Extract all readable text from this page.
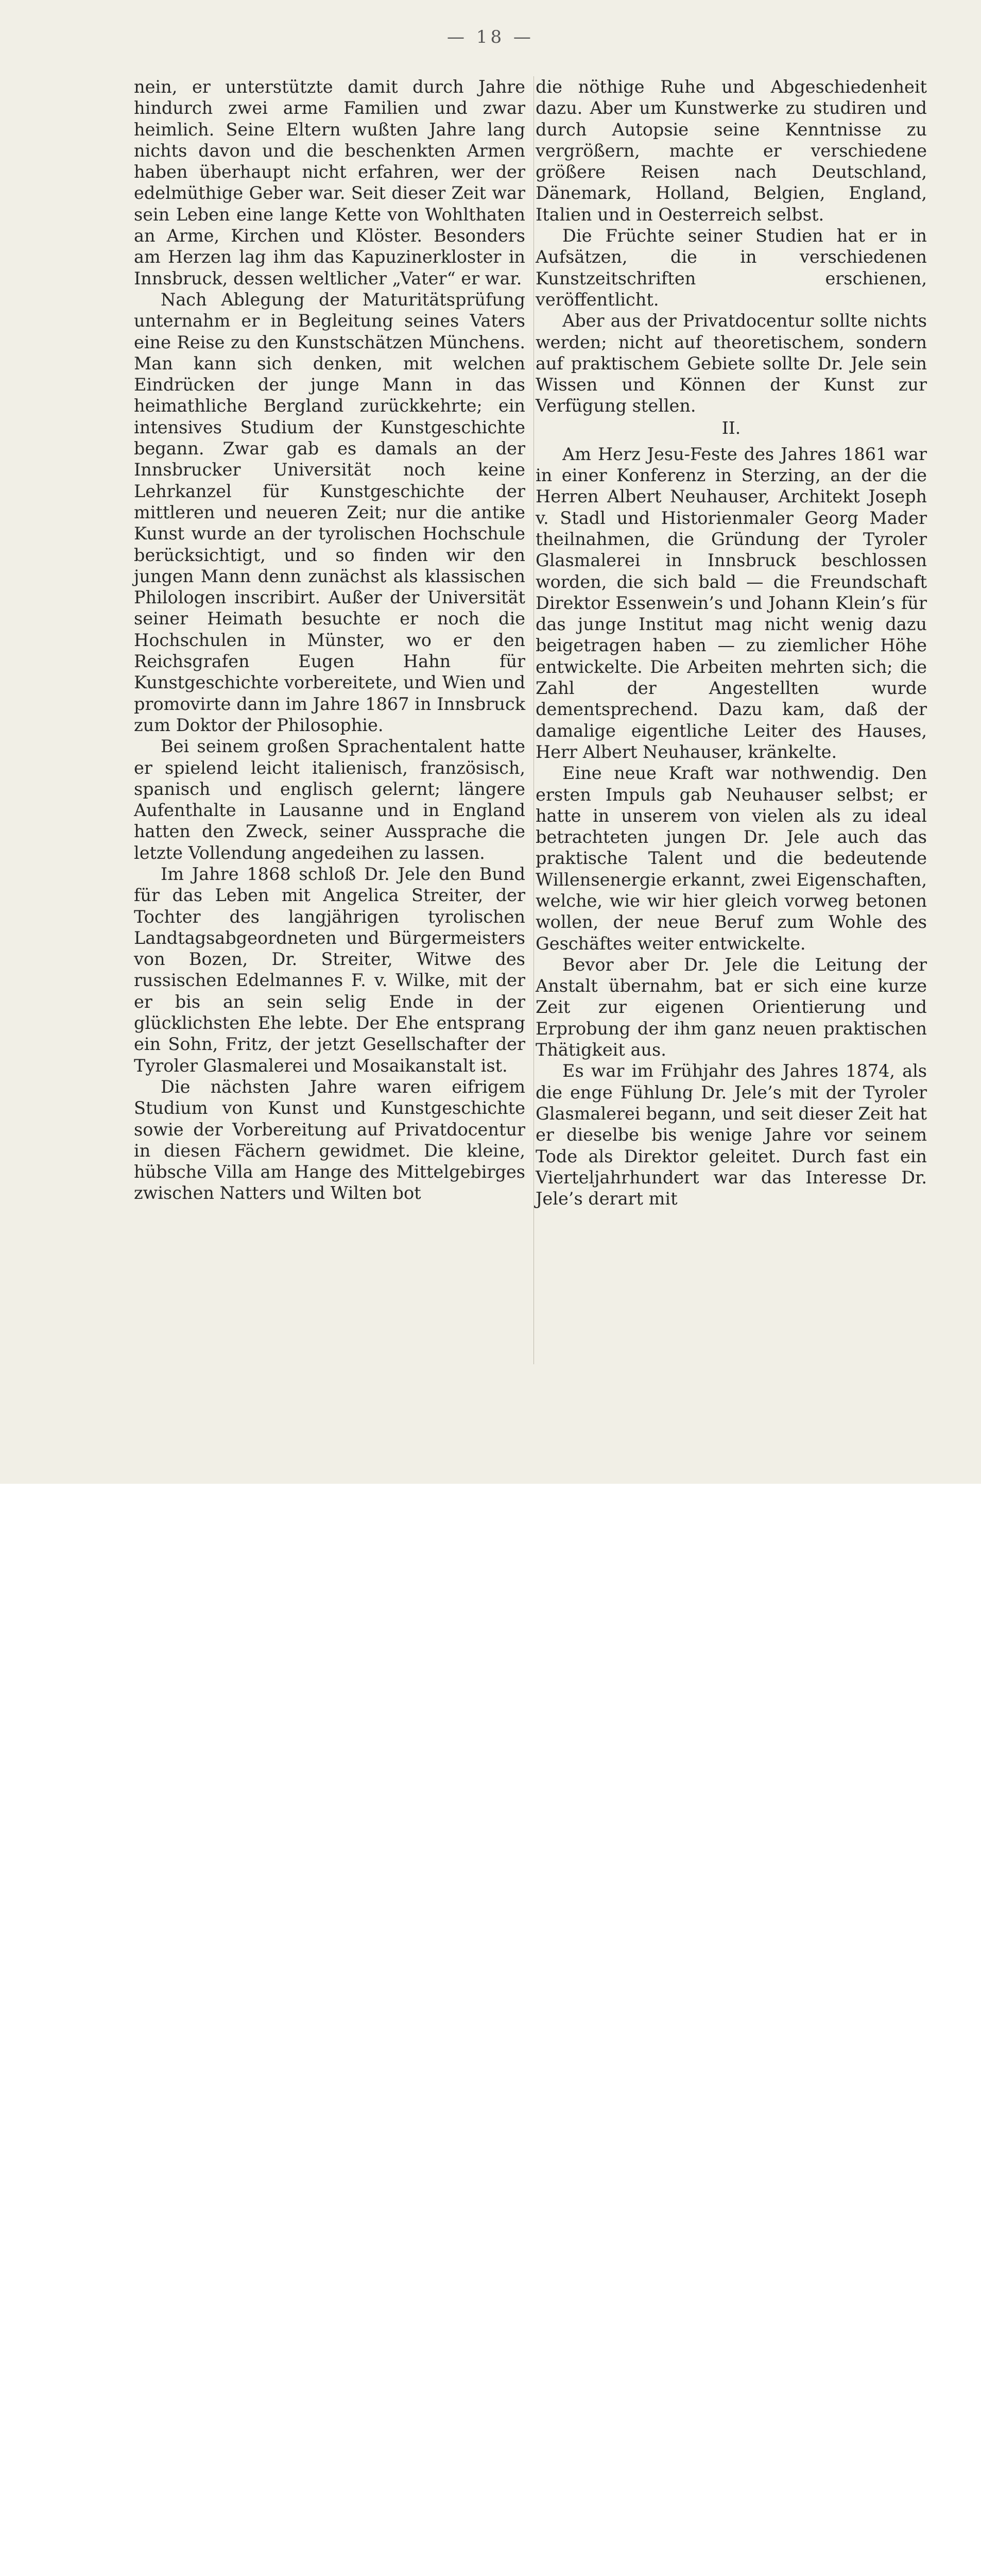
— 18 —

nein, er unterstützte damit durch Jahre hindurch zwei arme Familien und zwar heimlich. Seine Eltern wußten Jahre lang nichts davon und die beschenkten Armen haben überhaupt nicht erfahren, wer der edelmüthige Geber war. Seit dieser Zeit war sein Leben eine lange Kette von Wohlthaten an Arme, Kirchen und Klöster. Besonders am Herzen lag ihm das Kapuzinerkloster in Innsbruck, dessen weltlicher „Vater“ er war.

Nach Ablegung der Maturitätsprüfung unternahm er in Begleitung seines Vaters eine Reise zu den Kunstschätzen Münchens. Man kann sich denken, mit welchen Eindrücken der junge Mann in das heimathliche Bergland zurückkehrte; ein intensives Studium der Kunstgeschichte begann. Zwar gab es damals an der Innsbrucker Universität noch keine Lehrkanzel für Kunstgeschichte der mittleren und neueren Zeit; nur die antike Kunst wurde an der tyrolischen Hochschule berücksichtigt, und so finden wir den jungen Mann denn zunächst als klassischen Philologen inscribirt. Außer der Universität seiner Heimath besuchte er noch die Hochschulen in Münster, wo er den Reichsgrafen Eugen Hahn für Kunstgeschichte vorbereitete, und Wien und promovirte dann im Jahre 1867 in Innsbruck zum Doktor der Philosophie.

Bei seinem großen Sprachentalent hatte er spielend leicht italienisch, französisch, spanisch und englisch gelernt; längere Aufenthalte in Lausanne und in England hatten den Zweck, seiner Aussprache die letzte Vollendung angedeihen zu lassen.

Im Jahre 1868 schloß Dr. Jele den Bund für das Leben mit Angelica Streiter, der Tochter des langjährigen tyrolischen Landtagsabgeordneten und Bürgermeisters von Bozen, Dr. Streiter, Witwe des russischen Edelmannes F. v. Wilke, mit der er bis an sein selig Ende in der glücklichsten Ehe lebte. Der Ehe entsprang ein Sohn, Fritz, der jetzt Gesellschafter der Tyroler Glasmalerei und Mosaikanstalt ist.

Die nächsten Jahre waren eifrigem Studium von Kunst und Kunstgeschichte sowie der Vorbereitung auf Privatdocentur in diesen Fächern gewidmet. Die kleine, hübsche Villa am Hange des Mittelgebirges zwischen Natters und Wilten bot

die nöthige Ruhe und Abgeschiedenheit dazu. Aber um Kunstwerke zu studiren und durch Autopsie seine Kenntnisse zu vergrößern, machte er verschiedene größere Reisen nach Deutschland, Dänemark, Holland, Belgien, England, Italien und in Oesterreich selbst.

Die Früchte seiner Studien hat er in Aufsätzen, die in verschiedenen Kunstzeitschriften erschienen, veröffentlicht.

Aber aus der Privatdocentur sollte nichts werden; nicht auf theoretischem, sondern auf praktischem Gebiete sollte Dr. Jele sein Wissen und Können der Kunst zur Verfügung stellen.

II.

Am Herz Jesu-Feste des Jahres 1861 war in einer Konferenz in Sterzing, an der die Herren Albert Neuhauser, Architekt Joseph v. Stadl und Historienmaler Georg Mader theilnahmen, die Gründung der Tyroler Glasmalerei in Innsbruck beschlossen worden, die sich bald — die Freundschaft Direktor Essenwein’s und Johann Klein’s für das junge Institut mag nicht wenig dazu beigetragen haben — zu ziemlicher Höhe entwickelte. Die Arbeiten mehrten sich; die Zahl der Angestellten wurde dementsprechend. Dazu kam, daß der damalige eigentliche Leiter des Hauses, Herr Albert Neuhauser, kränkelte.

Eine neue Kraft war nothwendig. Den ersten Impuls gab Neuhauser selbst; er hatte in unserem von vielen als zu ideal betrachteten jungen Dr. Jele auch das praktische Talent und die bedeutende Willensenergie erkannt, zwei Eigenschaften, welche, wie wir hier gleich vorweg betonen wollen, der neue Beruf zum Wohle des Geschäftes weiter entwickelte.

Bevor aber Dr. Jele die Leitung der Anstalt übernahm, bat er sich eine kurze Zeit zur eigenen Orientierung und Erprobung der ihm ganz neuen praktischen Thätigkeit aus.

Es war im Frühjahr des Jahres 1874, als die enge Fühlung Dr. Jele’s mit der Tyroler Glasmalerei begann, und seit dieser Zeit hat er dieselbe bis wenige Jahre vor seinem Tode als Direktor geleitet. Durch fast ein Vierteljahrhundert war das Interesse Dr. Jele’s derart mit
